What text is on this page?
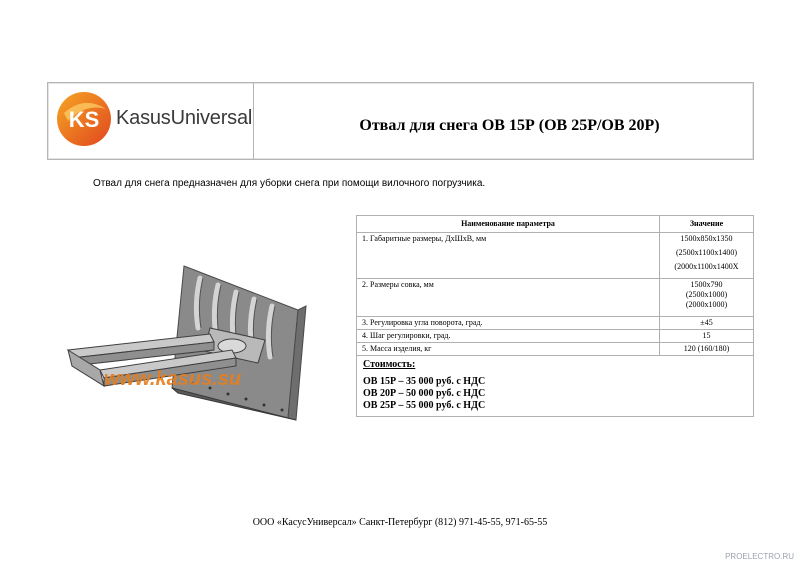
KS KasusUniversal	Отвал для снега ОВ 15Р (ОВ 25Р/ОВ 20Р)
Отвал для снега предназначен для уборки снега при помощи вилочного погрузчика.
www.kasus.su
Наименование параметра	Значение
1. Габаритные размеры, ДхШхВ, мм	1500х850х1350
(2500х1100х1400)
(2000х1100х1400Х

2. Размеры совка, мм	1500х790
(2500х1000)
(2000х1000)

3. Регулировка угла поворота, град.	±45
4. Шаг регулировки, град.	15
5. Масса изделия, кг	120 (160/180)

Стоимость:
ОВ 15Р – 35 000 руб. с НДС
ОВ 20Р – 50 000 руб. с НДС
ОВ 25Р – 55 000 руб. с НДС	
ООО «КасусУниверсал» Санкт-Петербург (812) 971-45-55, 971-65-55
PROELECTRO.RU
